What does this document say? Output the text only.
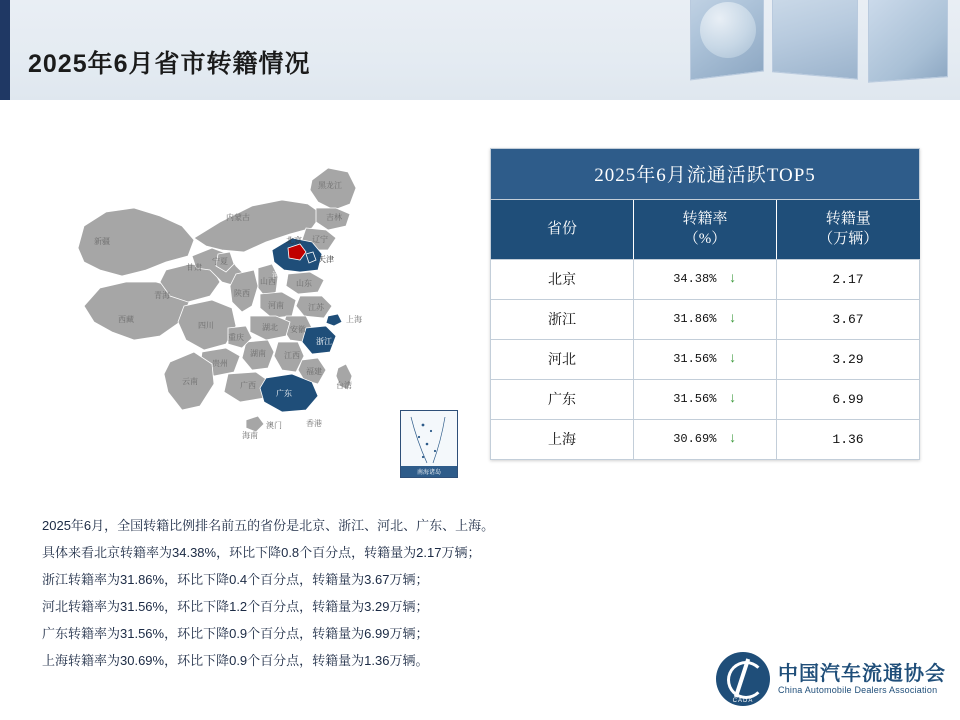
2025年6月省市转籍情况
新疆
西藏
青海
甘肃
内蒙古
黑龙江
吉林
辽宁
北京
天津
河北
山西
陕西
宁夏
山东
河南	江苏
安徽
上海
浙江
湖北
湖南 江西
福建
四川
重庆
贵州
云南	广西
广东
海南
台湾
香港
澳门
南海诸岛
2025年6月流通活跃TOP5		

省份

转籍率
（%）

转籍量
（万辆）

北京	34.38% ↓	2.17
浙江	31.86% ↓	3.67
河北	31.56% ↓	3.29
广东	31.56% ↓	6.99
上海	30.69% ↓	1.36

2025年6月，全国转籍比例排名前五的省份是北京、浙江、河北、广东、上海。

具体来看北京转籍率为34.38%，环比下降0.8个百分点，转籍量为2.17万辆；

浙江转籍率为31.86%，环比下降0.4个百分点，转籍量为3.67万辆；

河北转籍率为31.56%，环比下降1.2个百分点，转籍量为3.29万辆；

广东转籍率为31.56%，环比下降0.9个百分点，转籍量为6.99万辆；

上海转籍率为30.69%，环比下降0.9个百分点，转籍量为1.36万辆。

CADA
中国汽车流通协会
China Automobile Dealers Association
